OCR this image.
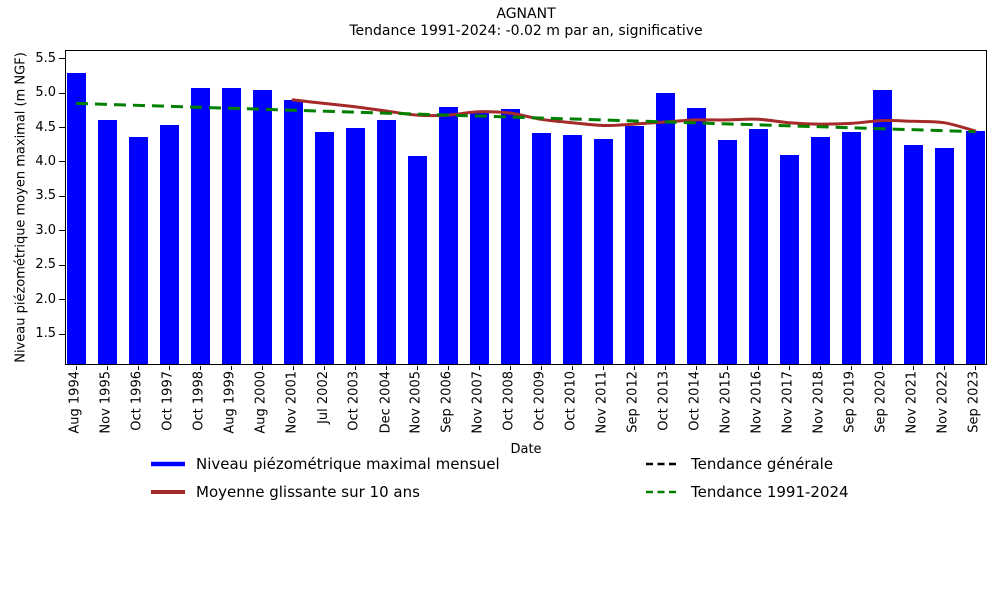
AGNANT
Tendance 1991-2024: -0.02 m par an, significative
Niveau piézométrique moyen maximal (m NGF) 5.5
5.0
4.5
4.0
3.5
3.0
2.5
2.0
1.5
Aug 1994 Nov 1995 Oct 1996 Oct 1997 Oct 1998 Aug 1999 Aug 2000 Nov 2001 Jul 2002 Oct 2003 Dec 2004 Nov 2005 Sep 2006 Nov 2007 Oct 2008 Oct 2009 Oct 2010 Nov 2011 Sep 2012 Oct 2013 Oct 2014 Nov 2015 Nov 2016 Nov 2017 Nov 2018 Sep 2019 Sep 2020 Nov 2021 Nov 2022 Sep 2023
Date
Niveau piézométrique maximal mensuel
Moyenne glissante sur 10 ans
Tendance générale
Tendance 1991-2024
